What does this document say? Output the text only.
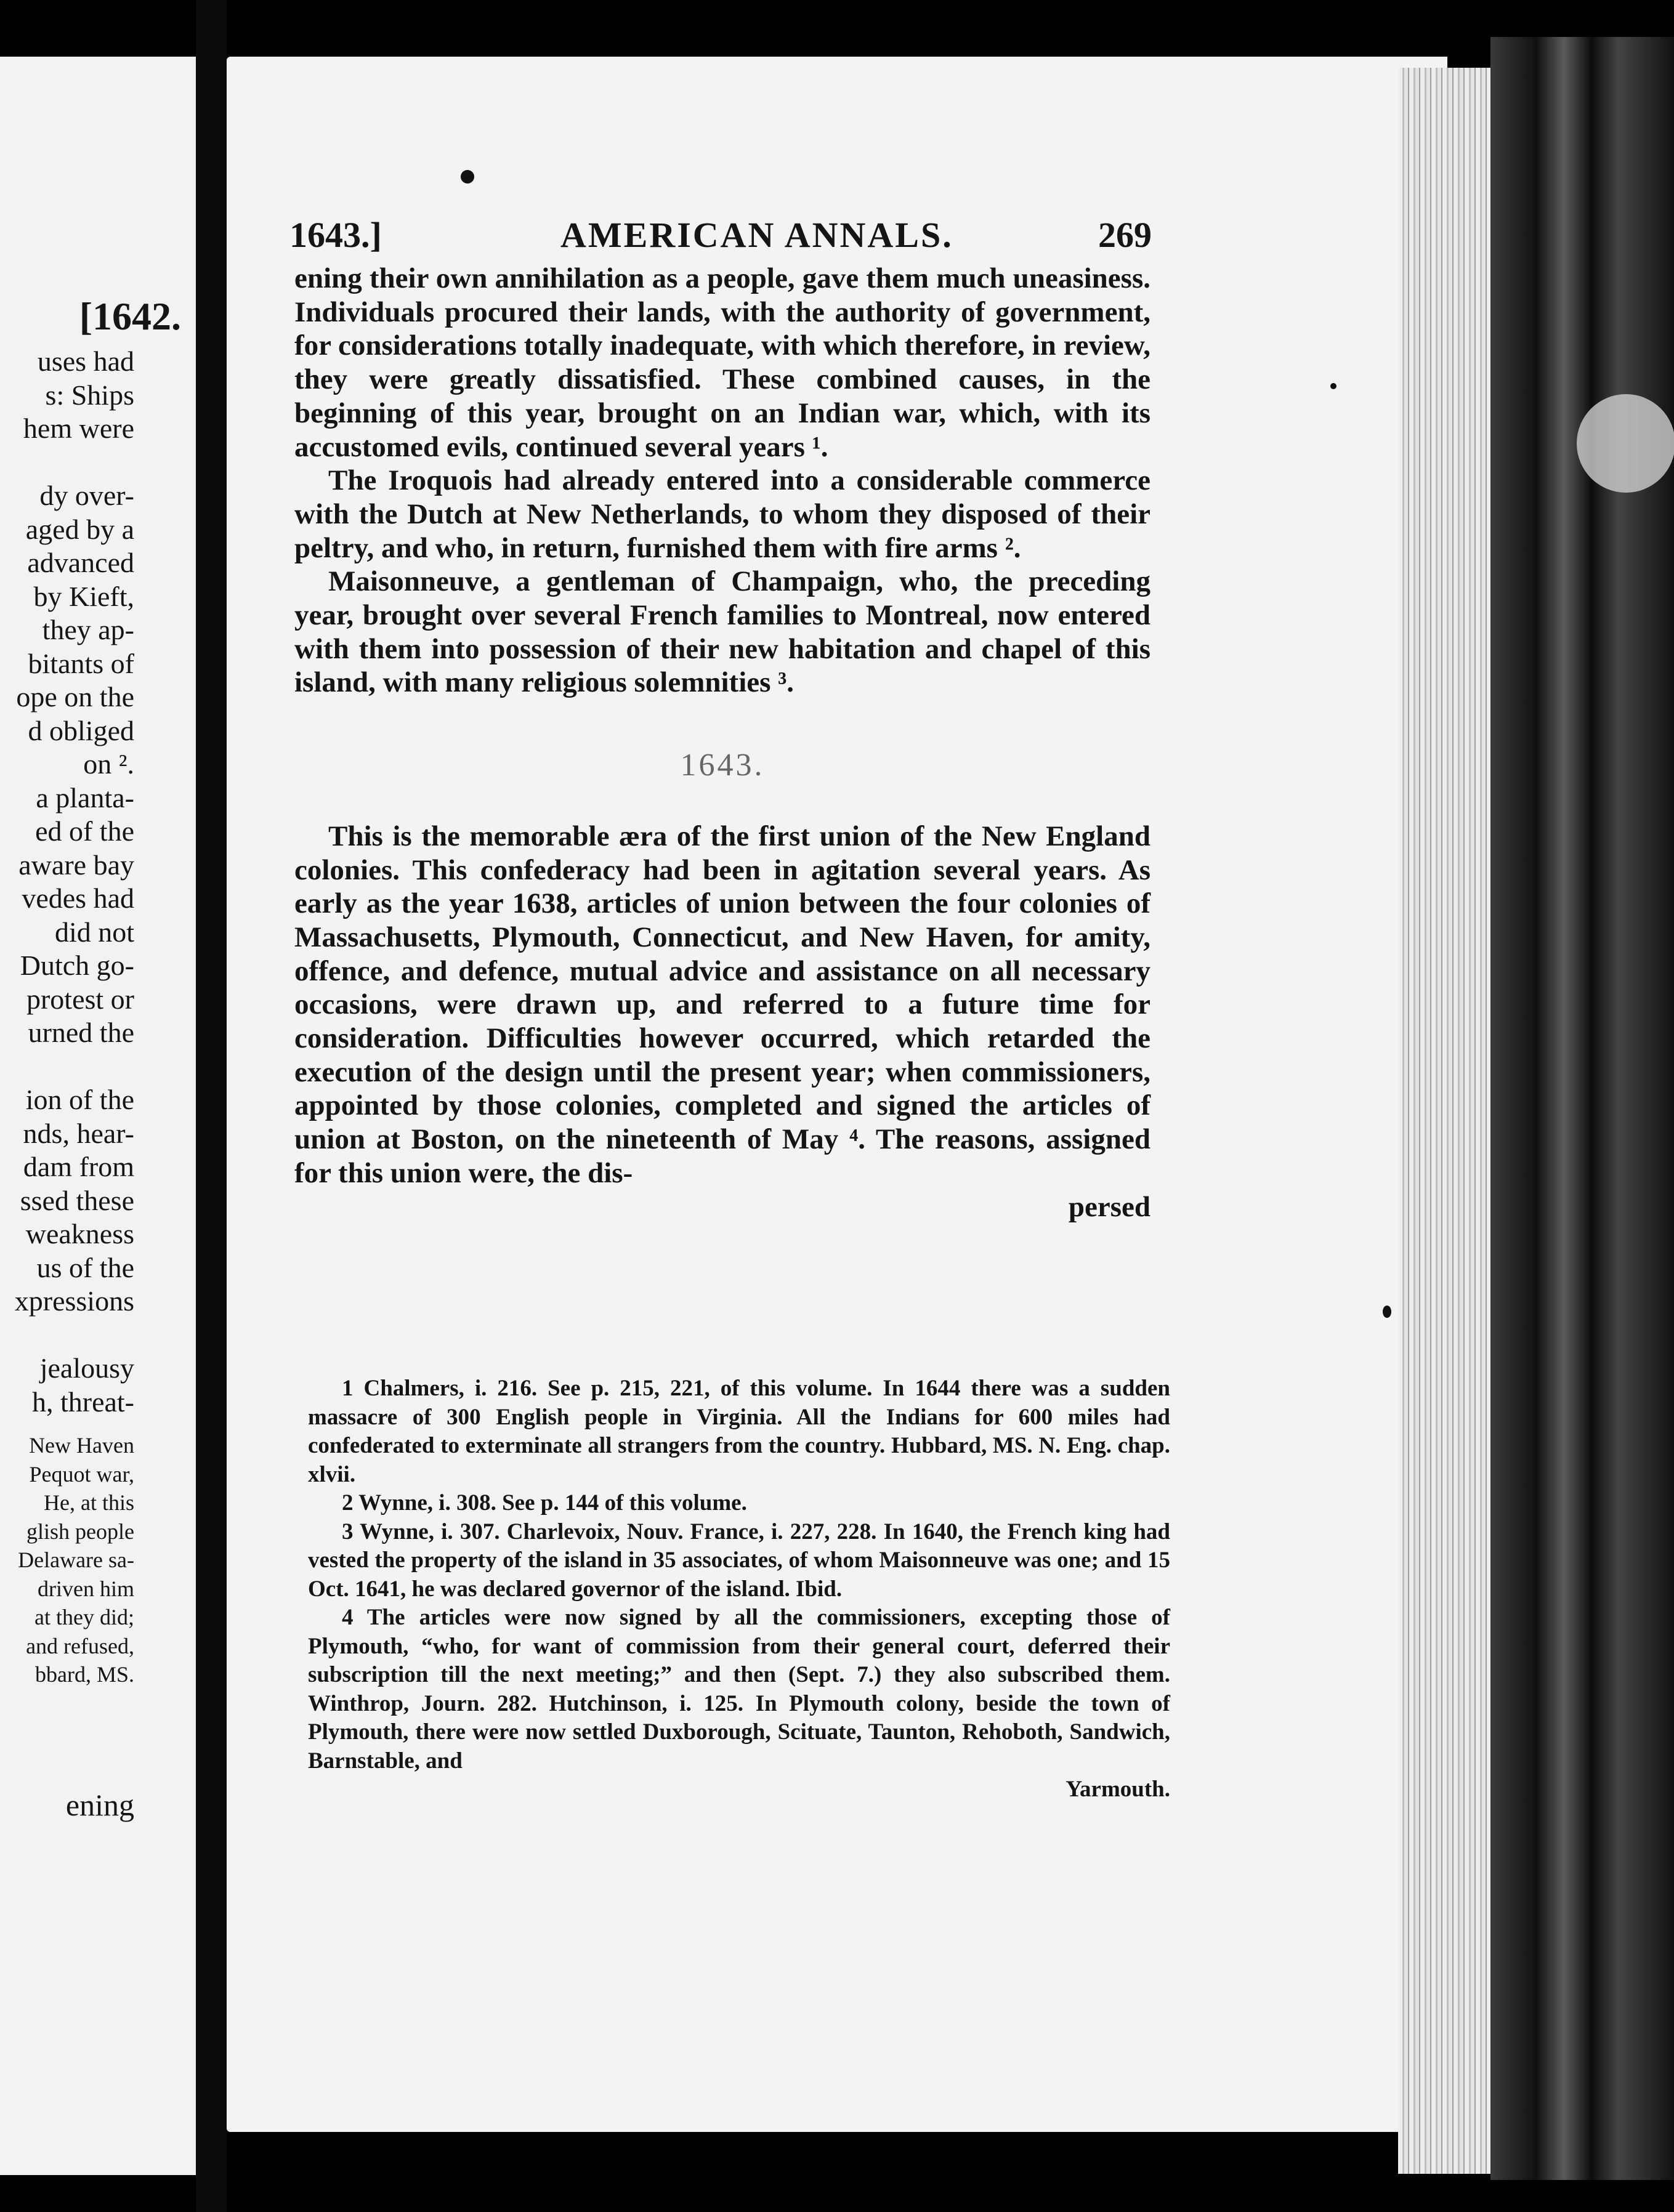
[1642.
uses had
s: Ships
hem were
dy over-
aged by a
advanced
by Kieft,
they ap-
bitants of
ope on the
d obliged
on ².
a planta-
ed of the
aware bay
vedes had
did not
Dutch go-
protest or
urned the
ion of the
nds, hear-
dam from
ssed these
weakness
us of the
xpressions
jealousy
h, threat-
New Haven
Pequot war,
He, at this
glish people
Delaware sa-
driven him
at they did;
and refused,
bbard, MS.
ening
1643.]	AMERICAN ANNALS.	269

ening their own annihilation as a people, gave them much uneasiness. Individuals procured their lands, with the authority of government, for considerations totally inadequate, with which therefore, in review, they were greatly dissatisfied. These combined causes, in the beginning of this year, brought on an Indian war, which, with its accustomed evils, continued several years ¹.

The Iroquois had already entered into a considerable commerce with the Dutch at New Netherlands, to whom they disposed of their peltry, and who, in return, furnished them with fire arms ².

Maisonneuve, a gentleman of Champaign, who, the preceding year, brought over several French families to Montreal, now entered with them into possession of their new habitation and chapel of this island, with many religious solemnities ³.

1643.

This is the memorable æra of the first union of the New England colonies. This confederacy had been in agitation several years. As early as the year 1638, articles of union between the four colonies of Massachusetts, Plymouth, Connecticut, and New Haven, for amity, offence, and defence, mutual advice and assistance on all necessary occasions, were drawn up, and referred to a future time for consideration. Difficulties however occurred, which retarded the execution of the design until the present year; when commissioners, appointed by those colonies, completed and signed the articles of union at Boston, on the nineteenth of May ⁴. The reasons, assigned for this union were, the dis-

persed

1 Chalmers, i. 216. See p. 215, 221, of this volume. In 1644 there was a sudden massacre of 300 English people in Virginia. All the Indians for 600 miles had confederated to exterminate all strangers from the country. Hubbard, MS. N. Eng. chap. xlvii.

2 Wynne, i. 308. See p. 144 of this volume.

3 Wynne, i. 307. Charlevoix, Nouv. France, i. 227, 228. In 1640, the French king had vested the property of the island in 35 associates, of whom Maisonneuve was one; and 15 Oct. 1641, he was declared governor of the island. Ibid.

4 The articles were now signed by all the commissioners, excepting those of Plymouth, “who, for want of commission from their general court, deferred their subscription till the next meeting;” and then (Sept. 7.) they also subscribed them. Winthrop, Journ. 282. Hutchinson, i. 125. In Plymouth colony, beside the town of Plymouth, there were now settled Duxborough, Scituate, Taunton, Rehoboth, Sandwich, Barnstable, and

Yarmouth.
